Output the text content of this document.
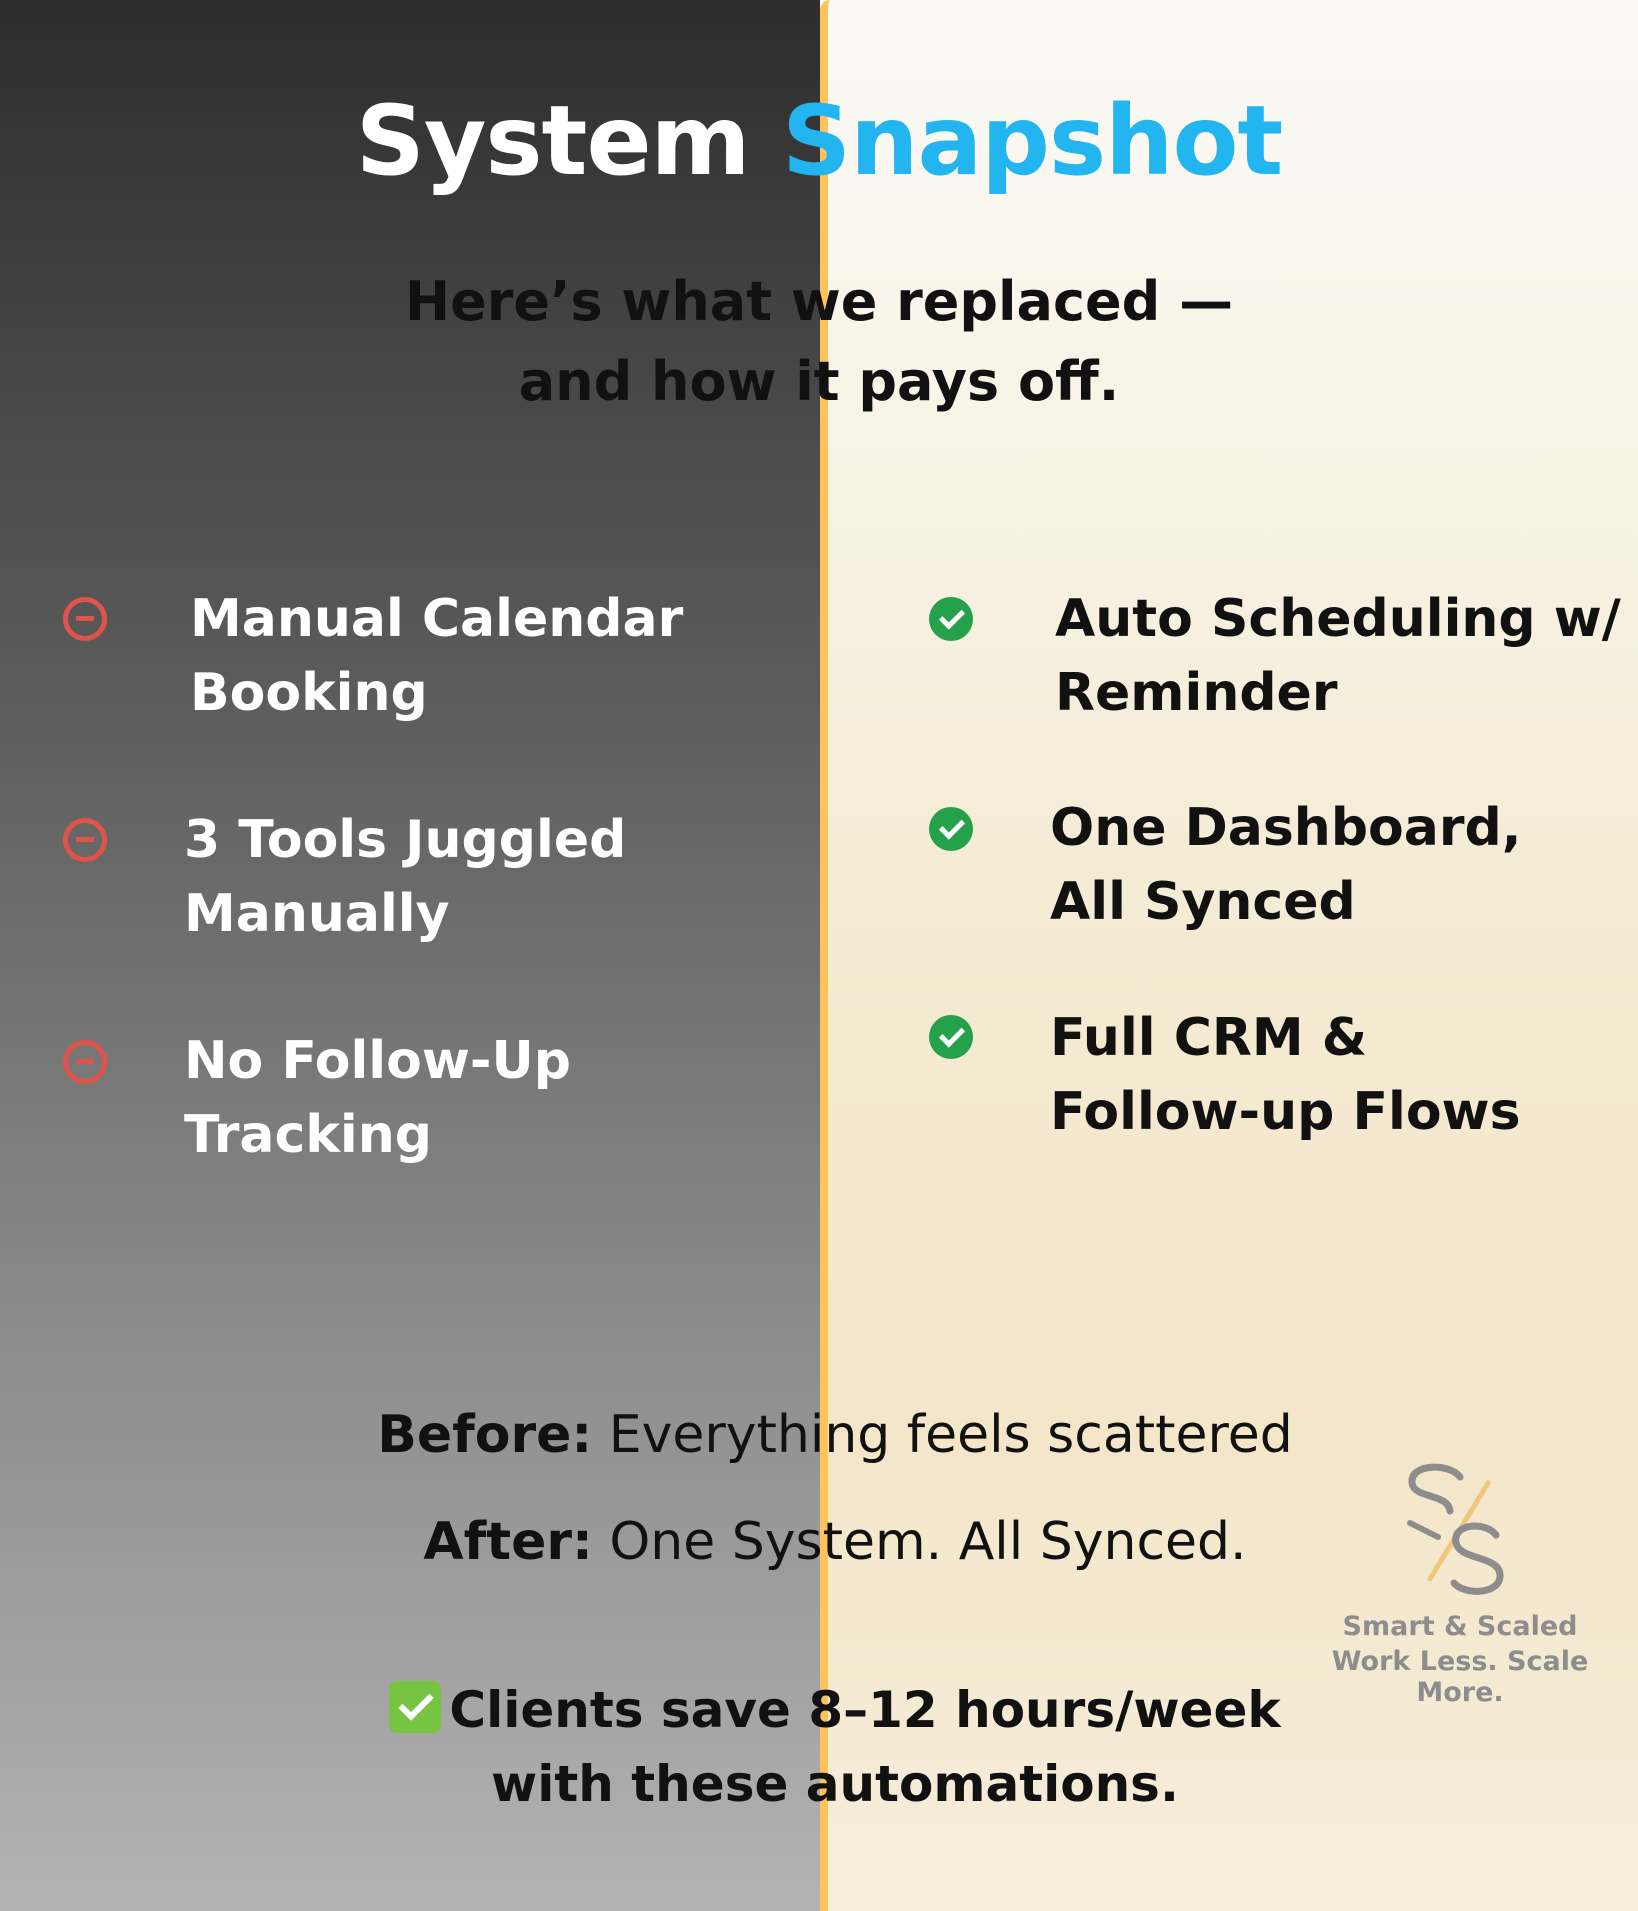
System Snapshot
Here’s what we replaced —
and how it pays off.
Manual Calendar
Booking
3 Tools Juggled
Manually
No Follow-Up
Tracking
Auto Scheduling w/
Reminder
One Dashboard,
All Synced
Full CRM &
Follow-up Flows
Before: Everything feels scattered
After: One System. All Synced.
Clients save 8–12 hours/week
with these automations.
Smart & Scaled
Work Less. Scale More.
